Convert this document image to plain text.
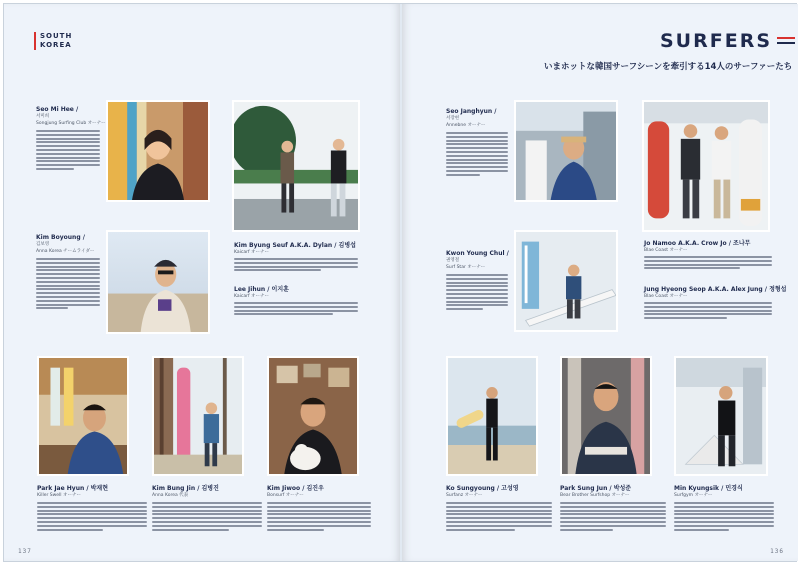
SOUTH
KOREA
Seo Mi Hee /
서미희
Songjung Surfing Club オーナー
Kim Byung Seuf A.K.A. Dylan / 김병섭
Kaicarf オーナー
Lee Jihun / 이지훈
Kaicarf オーナー
Kim Boyoung /
김보영
Anna Korea チームライダー
Park Jae Hyun / 박재현
Killer Swell オーナー
Kim Bung Jin / 김병진
Anna Korea 代表
Kim Jiwoo / 김진우
Bonsurf オーナー
137
SURFERS
いまホットな韓国サーフシーンを牽引する14人のサーファーたち
Seo Janghyun /
서장현
Annebne オーナー
Kwon Young Chul /
권영철
Surf Star オーナー
Jo Namoo A.K.A. Crow Jo / 조나무
Blae Coast オーナー
Jung Hyeong Seop A.K.A. Alex Jung / 정형섭
Blae Coast オーナー
Ko Sungyoung / 고성영
Surfanz オーナー
Park Sung Jun / 박성준
Bear Brother Surfshop オーナー
Min Kyungsik / 민경식
Surfgym オーナー
136
